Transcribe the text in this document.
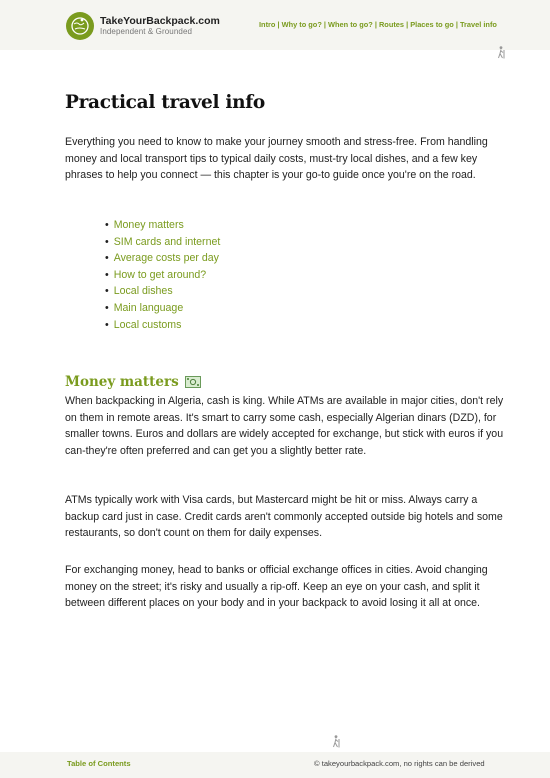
TakeYourBackpack.com
Independent & Grounded
Intro | Why to go? | When to go? | Routes | Places to go | Travel info
Practical travel info

Everything you need to know to make your journey smooth and stress-free. From handling money and local transport tips to typical daily costs, must-try local dishes, and a few key phrases to help you connect — this chapter is your go-to guide once you're on the road.

• Money matters
• SIM cards and internet
• Average costs per day
• How to get around?
• Local dishes
• Main language
• Local customs
Money matters

When backpacking in Algeria, cash is king. While ATMs are available in major cities, don't rely on them in remote areas. It's smart to carry some cash, especially Algerian dinars (DZD), for smaller towns. Euros and dollars are widely accepted for exchange, but stick with euros if you can-they're often preferred and can get you a slightly better rate.

ATMs typically work with Visa cards, but Mastercard might be hit or miss. Always carry a backup card just in case. Credit cards aren't commonly accepted outside big hotels and some restaurants, so don't count on them for daily expenses.

For exchanging money, head to banks or official exchange offices in cities. Avoid changing money on the street; it's risky and usually a rip-off. Keep an eye on your cash, and split it between different places on your body and in your backpack to avoid losing it all at once.

Table of Contents	© takeyourbackpack.com, no rights can be derived
